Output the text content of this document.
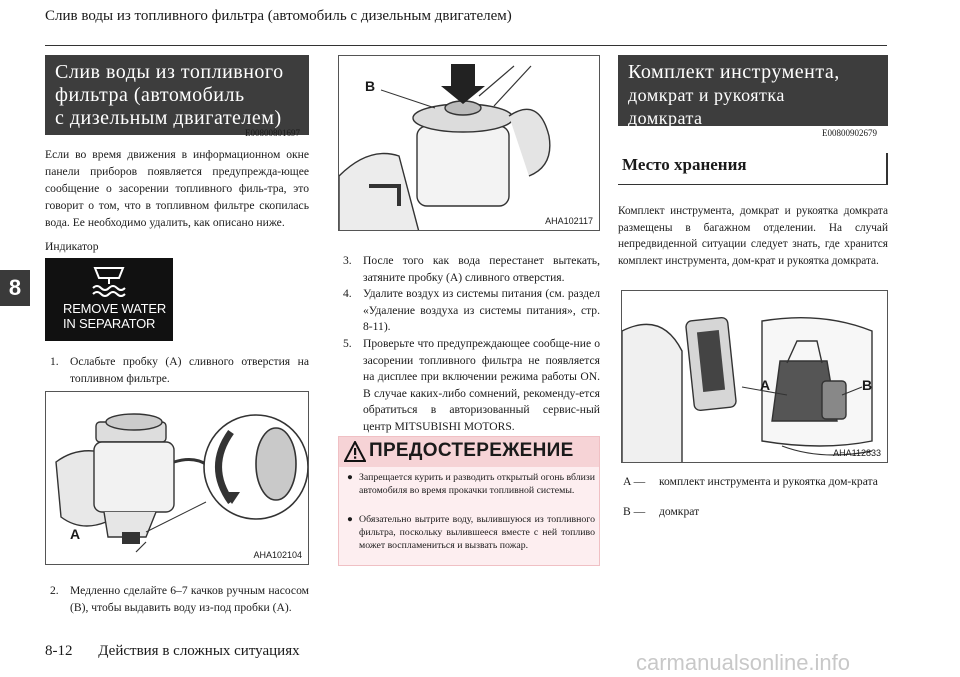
Слив воды из топливного фильтра (автомобиль с дизельным двигателем)
8
Слив воды из топливного
фильтра (автомобиль
с дизельным двигателем)
E00800801697
Если во время движения в информационном окне панели приборов появляется предупрежда-ющее сообщение о засорении топливного филь-тра, это говорит о том, что в топливном фильтре скопилась вода. Ее необходимо удалить, как описано ниже.
Индикатор
REMOVE WATER
IN SEPARATOR
1. Ослабьте пробку (A) сливного отверстия на топливном фильтре.
A
AHA102104
2. Медленно сделайте 6–7 качков ручным насосом (B), чтобы выдавить воду из-под пробки (A).
B
AHA102117
3. После того как вода перестанет вытекать, затяните пробку (A) сливного отверстия.
4. Удалите воздух из системы питания (см. раздел «Удаление воздуха из системы питания», стр. 8-11).
5. Проверьте что предупреждающее сообще-ние о засорении топливного фильтра не появляется на дисплее при включении режима работы ON. В случае каких-либо сомнений, рекоменду-ется обратиться в авторизованный сервис-ный центр MITSUBISHI MOTORS.
ПРЕДОСТЕРЕЖЕНИЕ
● Запрещается курить и разводить открытый огонь вблизи автомобиля во время прокачки топливной системы.
● Обязательно вытрите воду, вылившуюся из топливного фильтра, поскольку вылившееся вместе с ней топливо может воспламениться и вызвать пожар.
Комплект инструмента,
домкрат и рукоятка
домкрата
E00800902679
Место хранения
Комплект инструмента, домкрат и рукоятка домкрата размещены в багажном отделении. На случай непредвиденной ситуации следует знать, где хранится комплект инструмента, дом-крат и рукоятка домкрата.
A	B
AHA112833
A — комплект инструмента и рукоятка дом-крата
B — домкрат
8-12 Действия в сложных ситуациях	carmanualsonline.info
